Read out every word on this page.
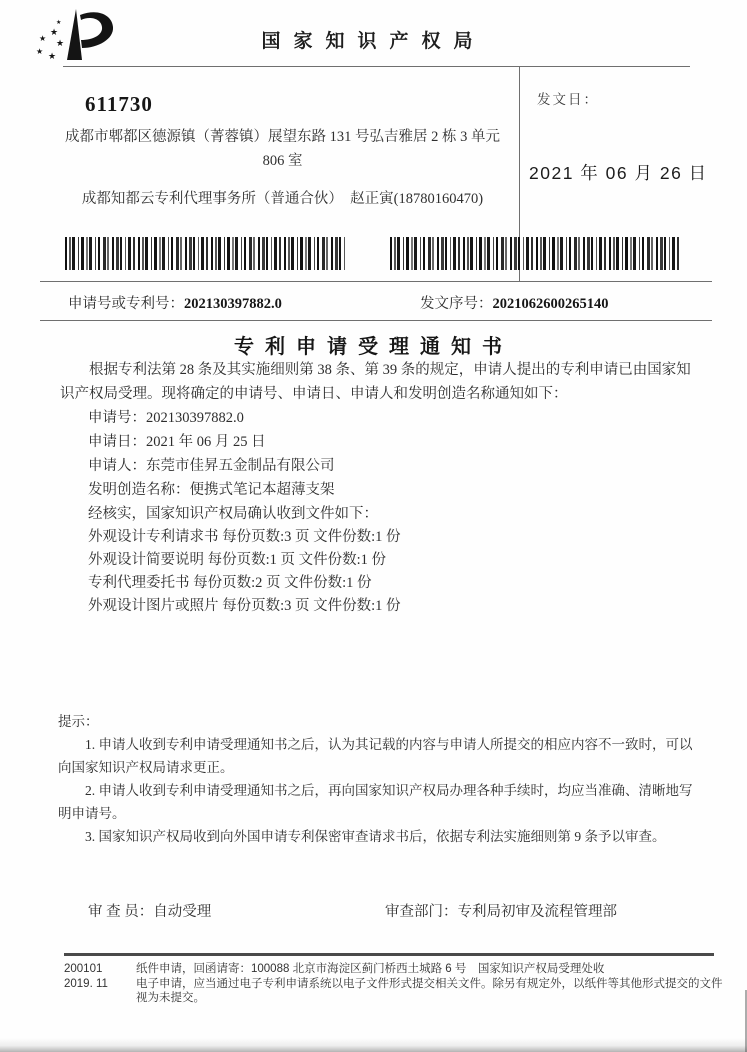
★
★
★
★
★
★
国家知识产权局
611730
成都市郫都区德源镇（菁蓉镇）展望东路 131 号弘吉雅居 2 栋 3 单元
806 室
成都知都云专利代理事务所（普通合伙）　赵正寅(18780160470)
发文日：
2021 年 06 月 26 日
申请号或专利号：202130397882.0	发文序号：2021062600265140
专利申请受理通知书

根据专利法第 28 条及其实施细则第 38 条、第 39 条的规定，申请人提出的专利申请已由国家知识产权局受理。现将确定的申请号、申请日、申请人和发明创造名称通知如下：

申请号：202130397882.0

申请日：2021 年 06 月 25 日

申请人：东莞市佳昇五金制品有限公司

发明创造名称：便携式笔记本超薄支架

经核实，国家知识产权局确认收到文件如下：

外观设计专利请求书 每份页数:3 页 文件份数:1 份

外观设计简要说明 每份页数:1 页 文件份数:1 份

专利代理委托书 每份页数:2 页 文件份数:1 份

外观设计图片或照片 每份页数:3 页 文件份数:1 份

提示：

1. 申请人收到专利申请受理通知书之后，认为其记载的内容与申请人所提交的相应内容不一致时，可以向国家知识产权局请求更正。

2. 申请人收到专利申请受理通知书之后，再向国家知识产权局办理各种手续时，均应当准确、清晰地写明申请号。

3. 国家知识产权局收到向外国申请专利保密审查请求书后，依据专利法实施细则第 9 条予以审查。

审 查 员：自动受理	审查部门：专利局初审及流程管理部
200101	纸件申请，回函请寄：100088 北京市海淀区蓟门桥西土城路 6 号　国家知识产权局受理处收
2019. 11	电子申请，应当通过电子专利申请系统以电子文件形式提交相关文件。除另有规定外，以纸件等其他形式提交的文件视为未提交。
